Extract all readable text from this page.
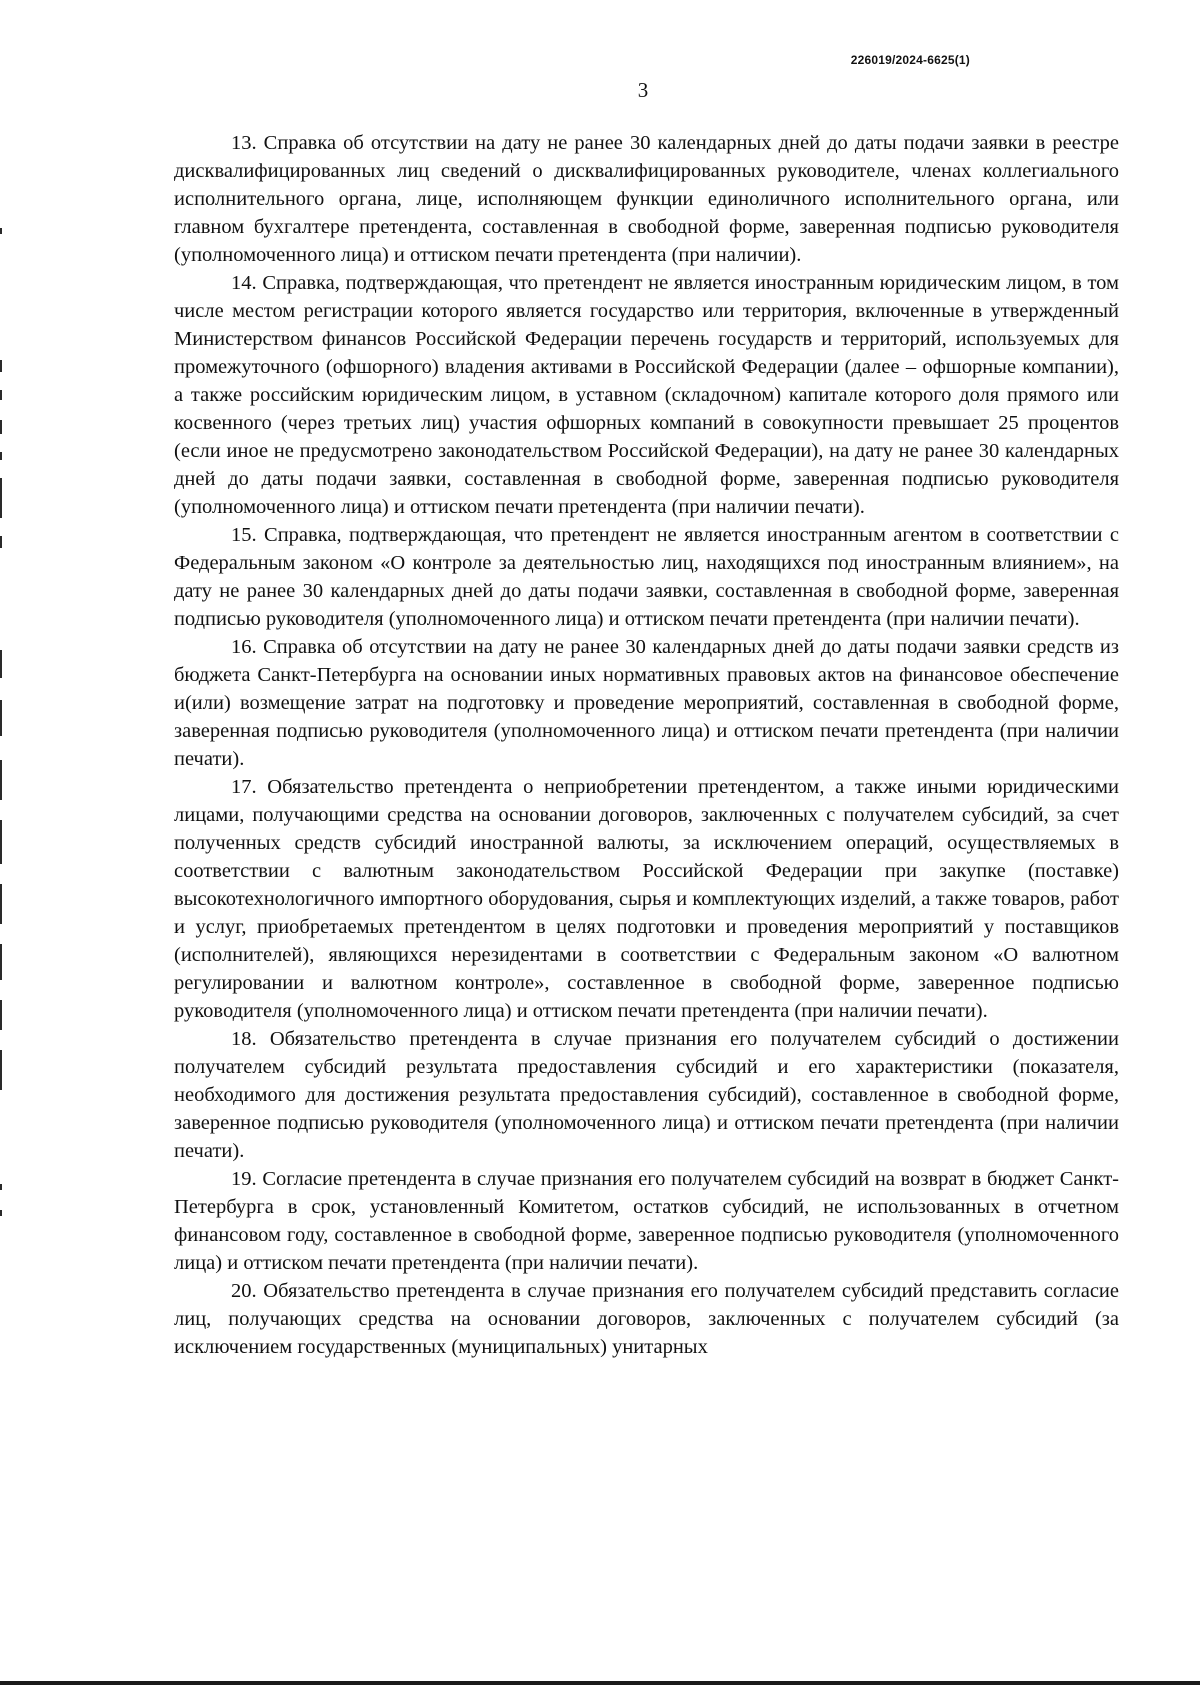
226019/2024-6625(1)
3

13. Справка об отсутствии на дату не ранее 30 календарных дней до даты подачи заявки в реестре дисквалифицированных лиц сведений о дисквалифицированных руководителе, членах коллегиального исполнительного органа, лице, исполняющем функции единоличного исполнительного органа, или главном бухгалтере претендента, составленная в свободной форме, заверенная подписью руководителя (уполномоченного лица) и оттиском печати претендента (при наличии).

14. Справка, подтверждающая, что претендент не является иностранным юридическим лицом, в том числе местом регистрации которого является государство или территория, включенные в утвержденный Министерством финансов Российской Федерации перечень государств и территорий, используемых для промежуточного (офшорного) владения активами в Российской Федерации (далее – офшорные компании), а также российским юридическим лицом, в уставном (складочном) капитале которого доля прямого или косвенного (через третьих лиц) участия офшорных компаний в совокупности превышает 25 процентов (если иное не предусмотрено законодательством Российской Федерации), на дату не ранее 30 календарных дней до даты подачи заявки, составленная в свободной форме, заверенная подписью руководителя (уполномоченного лица) и оттиском печати претендента (при наличии печати).

15. Справка, подтверждающая, что претендент не является иностранным агентом в соответствии с Федеральным законом «О контроле за деятельностью лиц, находящихся под иностранным влиянием», на дату не ранее 30 календарных дней до даты подачи заявки, составленная в свободной форме, заверенная подписью руководителя (уполномоченного лица) и оттиском печати претендента (при наличии печати).

16. Справка об отсутствии на дату не ранее 30 календарных дней до даты подачи заявки средств из бюджета Санкт-Петербурга на основании иных нормативных правовых актов на финансовое обеспечение и(или) возмещение затрат на подготовку и проведение мероприятий, составленная в свободной форме, заверенная подписью руководителя (уполномоченного лица) и оттиском печати претендента (при наличии печати).

17. Обязательство претендента о неприобретении претендентом, а также иными юридическими лицами, получающими средства на основании договоров, заключенных с получателем субсидий, за счет полученных средств субсидий иностранной валюты, за исключением операций, осуществляемых в соответствии с валютным законодательством Российской Федерации при закупке (поставке) высокотехнологичного импортного оборудования, сырья и комплектующих изделий, а также товаров, работ и услуг, приобретаемых претендентом в целях подготовки и проведения мероприятий у поставщиков (исполнителей), являющихся нерезидентами в соответствии с Федеральным законом «О валютном регулировании и валютном контроле», составленное в свободной форме, заверенное подписью руководителя (уполномоченного лица) и оттиском печати претендента (при наличии печати).

18. Обязательство претендента в случае признания его получателем субсидий о достижении получателем субсидий результата предоставления субсидий и его характеристики (показателя, необходимого для достижения результата предоставления субсидий), составленное в свободной форме, заверенное подписью руководителя (уполномоченного лица) и оттиском печати претендента (при наличии печати).

19. Согласие претендента в случае признания его получателем субсидий на возврат в бюджет Санкт-Петербурга в срок, установленный Комитетом, остатков субсидий, не использованных в отчетном финансовом году, составленное в свободной форме, заверенное подписью руководителя (уполномоченного лица) и оттиском печати претендента (при наличии печати).

20. Обязательство претендента в случае признания его получателем субсидий представить согласие лиц, получающих средства на основании договоров, заключенных с получателем субсидий (за исключением государственных (муниципальных) унитарных
